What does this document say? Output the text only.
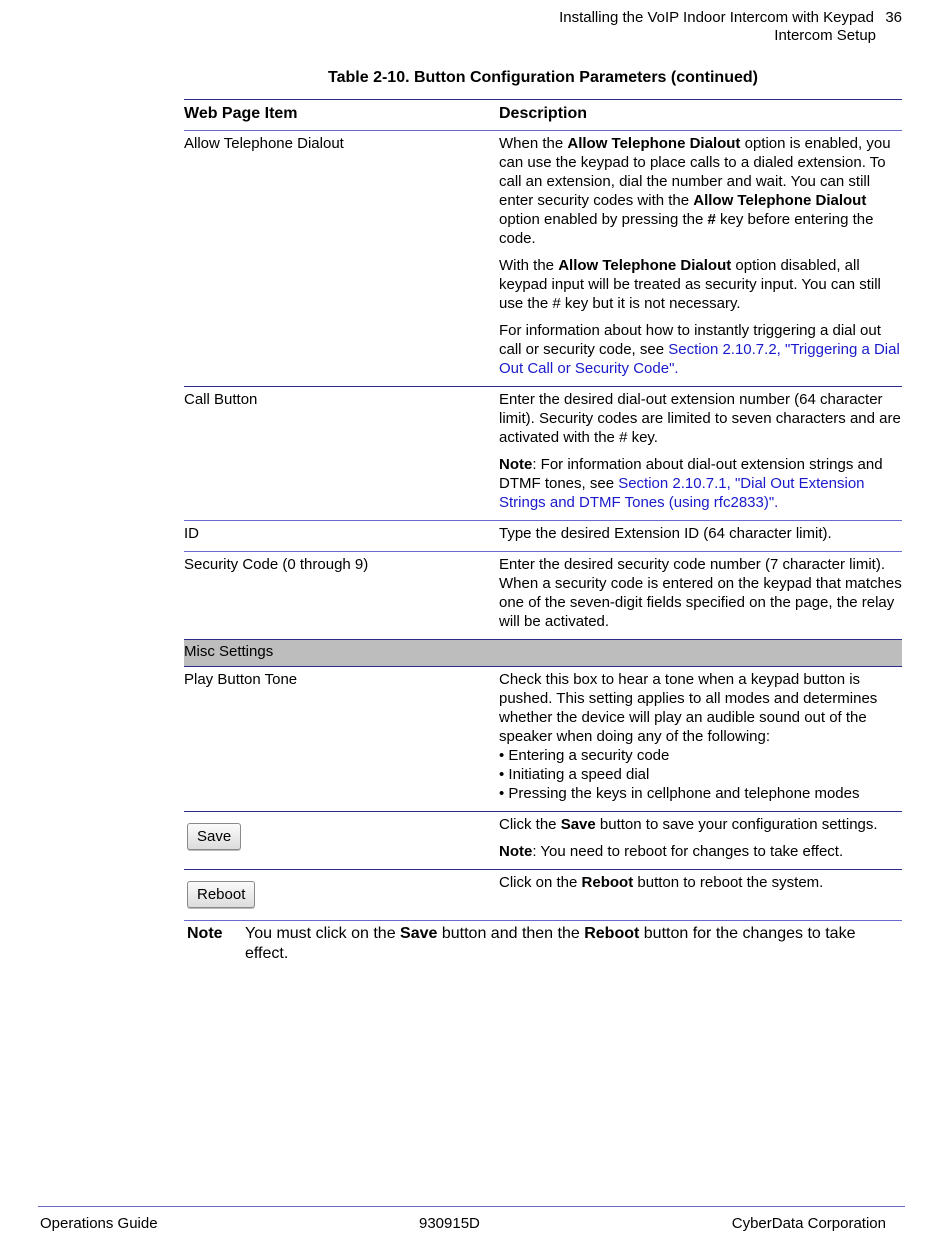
Installing the VoIP Indoor Intercom with Keypad 36
Intercom Setup
Table 2-10. Button Configuration Parameters (continued)
Web Page Item	Description
Allow Telephone Dialout	When the Allow Telephone Dialout option is enabled, you can use the keypad to place calls to a dialed extension. To call an extension, dial the number and wait. You can still enter security codes with the Allow Telephone Dialout option enabled by pressing the # key before entering the code.

With the Allow Telephone Dialout option disabled, all keypad input will be treated as security input. You can still use the # key but it is not necessary.

For information about how to instantly triggering a dial out call or security code, see Section 2.10.7.2, "Triggering a Dial Out Call or Security Code".

Call Button	Enter the desired dial-out extension number (64 character limit). Security codes are limited to seven characters and are activated with the # key.

Note: For information about dial-out extension strings and DTMF tones, see Section 2.10.7.1, "Dial Out Extension Strings and DTMF Tones (using rfc2833)".

ID	Type the desired Extension ID (64 character limit).
Security Code (0 through 9)	Enter the desired security code number (7 character limit). When a security code is entered on the keypad that matches one of the seven-digit fields specified on the page, the relay will be activated.
Misc Settings	
Play Button Tone	Check this box to hear a tone when a keypad button is pushed. This setting applies to all modes and determines whether the device will play an audible sound out of the speaker when doing any of the following:
• Entering a security code
• Initiating a speed dial
• Pressing the keys in cellphone and telephone modes

Save	Click the Save button to save your configuration settings.

Note: You need to reboot for changes to take effect.

Reboot	Click on the Reboot button to reboot the system.

Note You must click on the Save button and then the Reboot button for the changes to take effect.
Operations Guide	930915D	CyberData Corporation
